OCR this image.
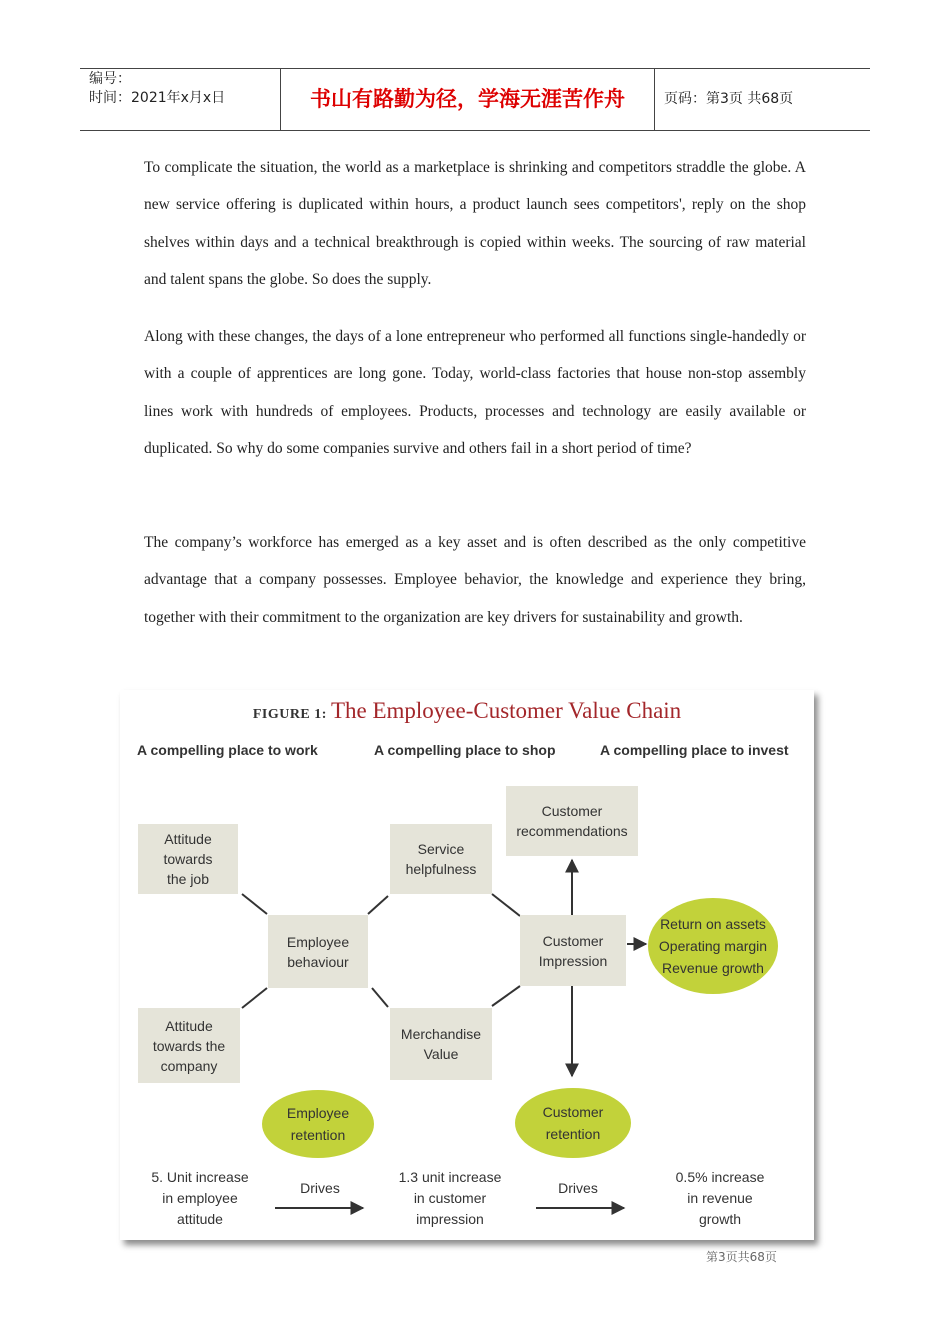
编号：
时间：2021年x月x日	书山有路勤为径，学海无涯苦作舟	页码：第3页 共68页

To complicate the situation, the world as a marketplace is shrinking and competitors straddle the globe. A new service offering is duplicated within hours, a product launch sees competitors', reply on the shop shelves within days and a technical breakthrough is copied within weeks. The sourcing of raw material and talent spans the globe. So does the supply.

Along with these changes, the days of a lone entrepreneur who performed all functions single-handedly or with a couple of apprentices are long gone. Today, world-class factories that house non-stop assembly lines work with hundreds of employees. Products, processes and technology are easily available or duplicated. So why do some companies survive and others fail in a short period of time?

The company’s workforce has emerged as a key asset and is often described as the only competitive advantage that a company possesses. Employee behavior, the knowledge and experience they bring, together with their commitment to the organization are key drivers for sustainability and growth.

FIGURE 1: The Employee-Customer Value Chain
A compelling place to work	A compelling place to shop	A compelling place to invest
Attitude
towards
the job
Attitude
towards the
company
Employee
behaviour
Service
helpfulness
Merchandise
Value
Customer
recommendations
Customer
Impression
Return on assets
Operating margin
Revenue growth
Employee
retention
Customer
retention
5. Unit increase
in employee
attitude
Drives
1.3 unit increase
in customer
impression
Drives
0.5% increase
in revenue
growth
第3页共68页
